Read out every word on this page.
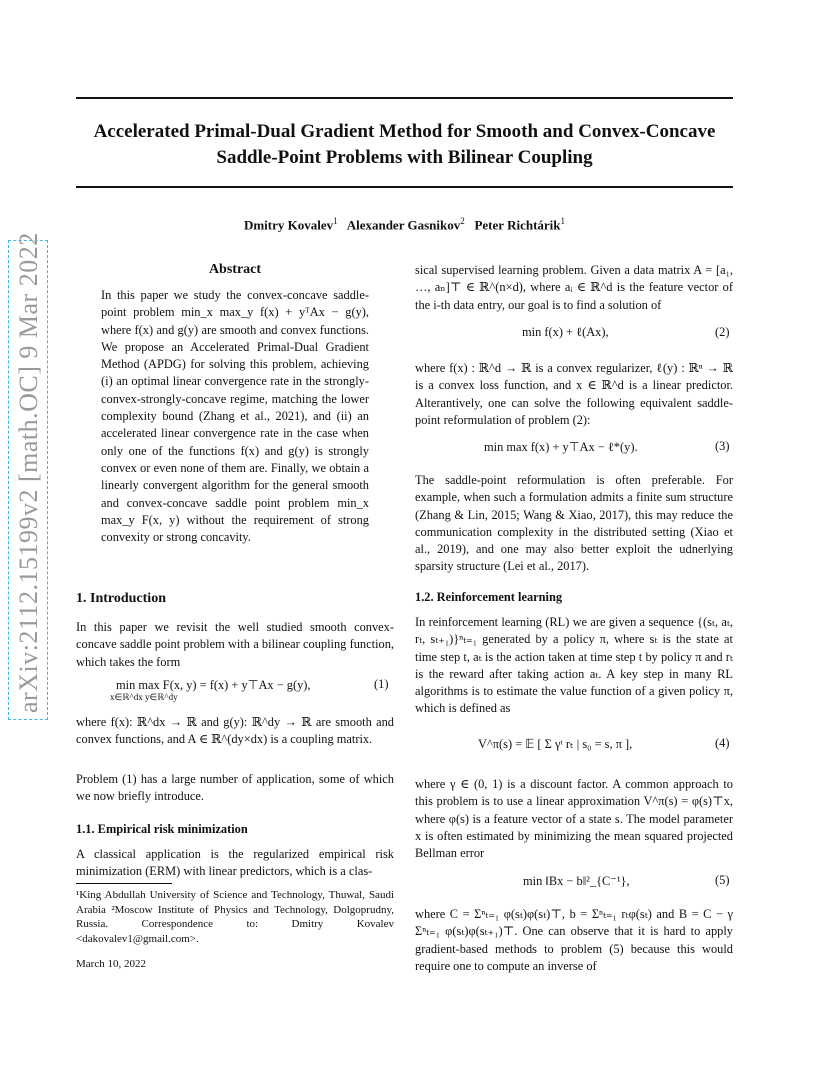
arXiv:2112.15199v2 [math.OC] 9 Mar 2022
Accelerated Primal-Dual Gradient Method for Smooth and Convex-Concave
Saddle-Point Problems with Bilinear Coupling
Dmitry Kovalev$^1$ Alexander Gasnikov$^2$ Peter Richtárik$^1$
Abstract
In this paper we study the convex-concave saddle-point problem min_x max_y f(x) + yᵀAx − g(y), where f(x) and g(y) are smooth and convex functions. We propose an Accelerated Primal-Dual Gradient Method (APDG) for solving this problem, achieving (i) an optimal linear convergence rate in the strongly-convex-strongly-concave regime, matching the lower complexity bound (Zhang et al., 2021), and (ii) an accelerated linear convergence rate in the case when only one of the functions f(x) and g(y) is strongly convex or even none of them are. Finally, we obtain a linearly convergent algorithm for the general smooth and convex-concave saddle point problem min_x max_y F(x, y) without the requirement of strong convexity or strong concavity.
1. Introduction
In this paper we revisit the well studied smooth convex-concave saddle point problem with a bilinear coupling function, which takes the form
min max F(x, y) = f(x) + y⊤Ax − g(y),
x∈ℝ^dx y∈ℝ^dy
(1)
where f(x): ℝ^dx → ℝ and g(y): ℝ^dy → ℝ are smooth and convex functions, and A ∈ ℝ^(dy×dx) is a coupling matrix.
Problem (1) has a large number of application, some of which we now briefly introduce.
1.1. Empirical risk minimization
A classical application is the regularized empirical risk minimization (ERM) with linear predictors, which is a clas-
¹King Abdullah University of Science and Technology, Thuwal, Saudi Arabia ²Moscow Institute of Physics and Technology, Dolgoprudny, Russia. Correspondence to: Dmitry Kovalev <dakovalev1@gmail.com>.
March 10, 2022
sical supervised learning problem. Given a data matrix A = [a₁, …, aₙ]⊤ ∈ ℝ^(n×d), where aᵢ ∈ ℝ^d is the feature vector of the i-th data entry, our goal is to find a solution of
min f(x) + ℓ(Ax),	(2)
where f(x) : ℝ^d → ℝ is a convex regularizer, ℓ(y) : ℝⁿ → ℝ is a convex loss function, and x ∈ ℝ^d is a linear predictor. Alterantively, one can solve the following equivalent saddle-point reformulation of problem (2):
min max f(x) + y⊤Ax − ℓ*(y).	(3)
The saddle-point reformulation is often preferable. For example, when such a formulation admits a finite sum structure (Zhang & Lin, 2015; Wang & Xiao, 2017), this may reduce the communication complexity in the distributed setting (Xiao et al., 2019), and one may also better exploit the udnerlying sparsity structure (Lei et al., 2017).
1.2. Reinforcement learning
In reinforcement learning (RL) we are given a sequence {(sₜ, aₜ, rₜ, sₜ₊₁)}ⁿₜ₌₁ generated by a policy π, where sₜ is the state at time step t, aₜ is the action taken at time step t by policy π and rₜ is the reward after taking action aₜ. A key step in many RL algorithms is to estimate the value function of a given policy π, which is defined as
V^π(s) = 𝔼 [ Σ γᵗ rₜ | s₀ = s, π ],	(4)
where γ ∈ (0, 1) is a discount factor. A common approach to this problem is to use a linear approximation V^π(s) = φ(s)⊤x, where φ(s) is a feature vector of a state s. The model parameter x is often estimated by minimizing the mean squared projected Bellman error
min ‖Bx − b‖²_{C⁻¹},	(5)
where C = Σⁿₜ₌₁ φ(sₜ)φ(sₜ)⊤, b = Σⁿₜ₌₁ rₜφ(sₜ) and B = C − γ Σⁿₜ₌₁ φ(sₜ)φ(sₜ₊₁)⊤. One can observe that it is hard to apply gradient-based methods to problem (5) because this would require one to compute an inverse of
